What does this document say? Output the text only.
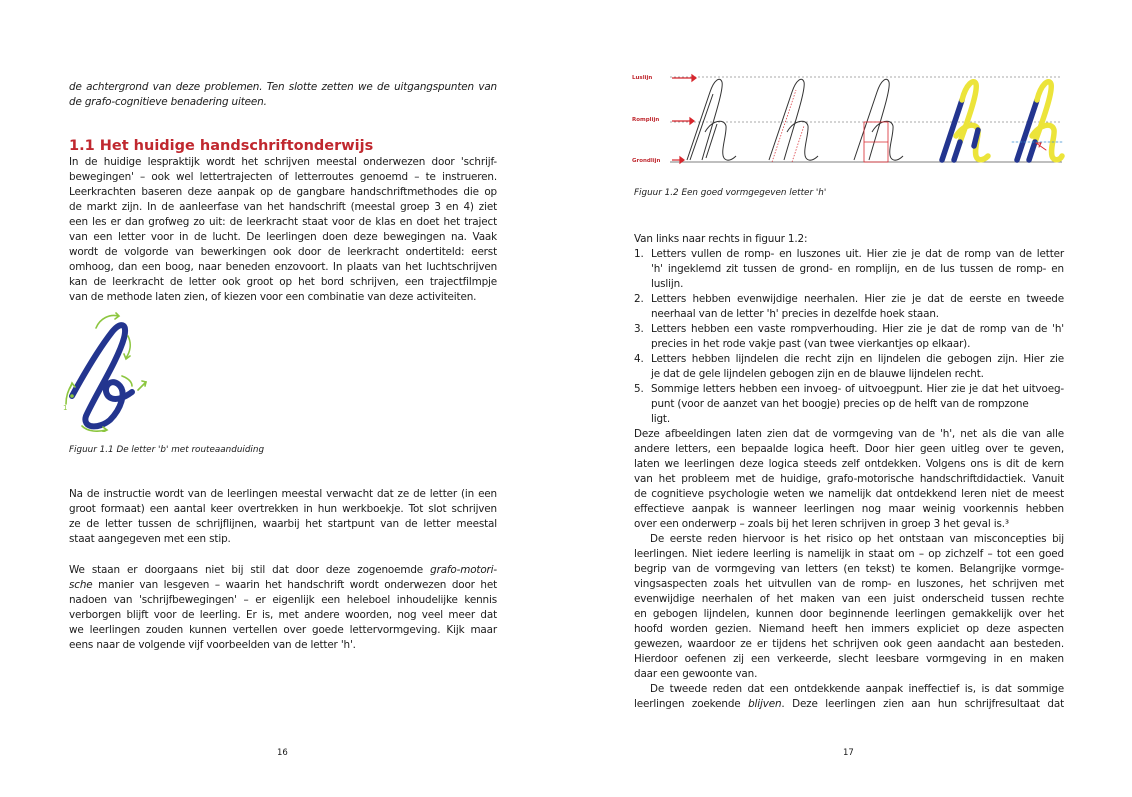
de achtergrond van deze problemen. Ten slotte zetten we de uitgangspunten van
de grafo-cognitieve benadering uiteen.
1.1 Het huidige handschriftonderwijs
In de huidige lespraktijk wordt het schrijven meestal onderwezen door 'schrijf-
bewegingen' – ook wel lettertrajecten of letterroutes genoemd – te instrueren.
Leerkrachten baseren deze aanpak op de gangbare handschriftmethodes die op
de markt zijn. In de aanleerfase van het handschrift (meestal groep 3 en 4) ziet
een les er dan grofweg zo uit: de leerkracht staat voor de klas en doet het traject
van een letter voor in de lucht. De leerlingen doen deze bewegingen na. Vaak
wordt de volgorde van bewerkingen ook door de leerkracht ondertiteld: eerst
omhoog, dan een boog, naar beneden enzovoort. In plaats van het luchtschrijven
kan de leerkracht de letter ook groot op het bord schrijven, een trajectfilmpje
van de methode laten zien, of kiezen voor een combinatie van deze activiteiten.
1
Figuur 1.1 De letter 'b' met routeaanduiding
Na de instructie wordt van de leerlingen meestal verwacht dat ze de letter (in een
groot formaat) een aantal keer overtrekken in hun werkboekje. Tot slot schrijven
ze de letter tussen de schrijflijnen, waarbij het startpunt van de letter meestal
staat aangegeven met een stip.
We staan er doorgaans niet bij stil dat door deze zogenoemde grafo-motori-
sche manier van lesgeven – waarin het handschrift wordt onderwezen door het
nadoen van 'schrijfbewegingen' – er eigenlijk een heleboel inhoudelijke kennis
verborgen blijft voor de leerling. Er is, met andere woorden, nog veel meer dat
we leerlingen zouden kunnen vertellen over goede lettervormgeving. Kijk maar
eens naar de volgende vijf voorbeelden van de letter 'h'.
16
Luslijn
Romplijn
Grondlijn
Figuur 1.2 Een goed vormgegeven letter 'h'
Van links naar rechts in figuur 1.2:
1. Letters vullen de romp- en luszones uit. Hier zie je dat de romp van de letter
'h' ingeklemd zit tussen de grond- en romplijn, en de lus tussen de romp- en
luslijn.
2. Letters hebben evenwijdige neerhalen. Hier zie je dat de eerste en tweede
neerhaal van de letter 'h' precies in dezelfde hoek staan.
3. Letters hebben een vaste rompverhouding. Hier zie je dat de romp van de 'h'
precies in het rode vakje past (van twee vierkantjes op elkaar).
4. Letters hebben lijndelen die recht zijn en lijndelen die gebogen zijn. Hier zie
je dat de gele lijndelen gebogen zijn en de blauwe lijndelen recht.
5. Sommige letters hebben een invoeg- of uitvoegpunt. Hier zie je dat het uitvoeg-
punt (voor de aanzet van het boogje) precies op de helft van de rompzone ligt.
Deze afbeeldingen laten zien dat de vormgeving van de 'h', net als die van alle
andere letters, een bepaalde logica heeft. Door hier geen uitleg over te geven,
laten we leerlingen deze logica steeds zelf ontdekken. Volgens ons is dit de kern
van het probleem met de huidige, grafo-motorische handschriftdidactiek. Vanuit
de cognitieve psychologie weten we namelijk dat ontdekkend leren niet de meest
effectieve aanpak is wanneer leerlingen nog maar weinig voorkennis hebben
over een onderwerp – zoals bij het leren schrijven in groep 3 het geval is.³
De eerste reden hiervoor is het risico op het ontstaan van misconcepties bij
leerlingen. Niet iedere leerling is namelijk in staat om – op zichzelf – tot een goed
begrip van de vormgeving van letters (en tekst) te komen. Belangrijke vormge-
vingsaspecten zoals het uitvullen van de romp- en luszones, het schrijven met
evenwijdige neerhalen of het maken van een juist onderscheid tussen rechte
en gebogen lijndelen, kunnen door beginnende leerlingen gemakkelijk over het
hoofd worden gezien. Niemand heeft hen immers expliciet op deze aspecten
gewezen, waardoor ze er tijdens het schrijven ook geen aandacht aan besteden.
Hierdoor oefenen zij een verkeerde, slecht leesbare vormgeving in en maken
daar een gewoonte van.
De tweede reden dat een ontdekkende aanpak ineffectief is, is dat sommige
leerlingen zoekende blijven. Deze leerlingen zien aan hun schrijfresultaat dat
17
